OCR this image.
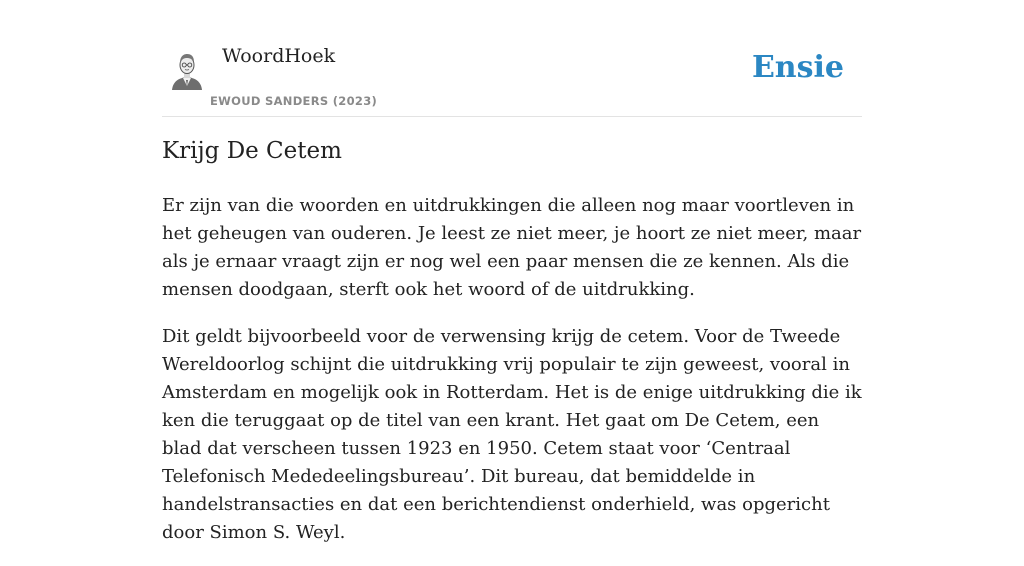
WoordHoek
EWOUD SANDERS (2023)
Ensie
Krijg De Cetem

Er zijn van die woorden en uitdrukkingen die alleen nog maar voortleven in het geheugen van ouderen. Je leest ze niet meer, je hoort ze niet meer, maar als je ernaar vraagt zijn er nog wel een paar mensen die ze kennen. Als die mensen doodgaan, sterft ook het woord of de uitdrukking.

Dit geldt bijvoorbeeld voor de verwensing krijg de cetem. Voor de Tweede Wereldoorlog schijnt die uitdrukking vrij populair te zijn geweest, vooral in Amsterdam en mogelijk ook in Rotterdam. Het is de enige uitdrukking die ik ken die teruggaat op de titel van een krant. Het gaat om De Cetem, een blad dat verscheen tussen 1923 en 1950. Cetem staat voor ‘Centraal Telefonisch Mededeelingsbureau’. Dit bureau, dat bemiddelde in handelstransacties en dat een berichtendienst onderhield, was opgericht door Simon S. Weyl.
